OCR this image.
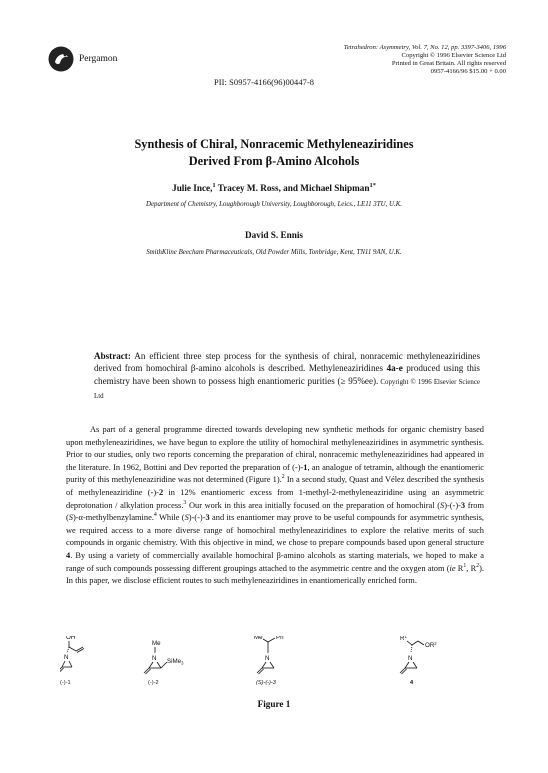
Pergamon
Tetrahedron: Asymmetry, Vol. 7, No. 12, pp. 3397-3406, 1996
Copyright © 1996 Elsevier Science Ltd
Printed in Great Britain. All rights reserved
0957-4166/96 $15.00 + 0.00
PII: S0957-4166(96)00447-8
Synthesis of Chiral, Nonracemic Methyleneaziridines
Derived From β-Amino Alcohols
Julie Ince,$^1$ Tracey M. Ross, and Michael Shipman$^{1*}$
Department of Chemistry, Loughborough University, Loughborough, Leics., LE11 3TU, U.K.
David S. Ennis
SmithKline Beecham Pharmaceuticals, Old Powder Mills, Tonbridge, Kent, TN11 9AN, U.K.
Abstract: An efficient three step process for the synthesis of chiral, nonracemic methyleneaziridines derived from homochiral β-amino alcohols is described. Methyleneaziridines 4a-e produced using this chemistry have been shown to possess high enantiomeric purities (≥ 95%ee). Copyright © 1996 Elsevier Science Ltd
As part of a general programme directed towards developing new synthetic methods for organic chemistry based upon methyleneaziridines, we have begun to explore the utility of homochiral methyleneaziridines in asymmetric synthesis. Prior to our studies, only two reports concerning the preparation of chiral, nonracemic methyleneaziridines had appeared in the literature. In 1962, Bottini and Dev reported the preparation of (-)-1, an analogue of tetramin, although the enantiomeric purity of this methyleneaziridine was not determined (Figure 1).$^2$ In a second study, Quast and Vélez described the synthesis of methyleneaziridine (-)-2 in 12% enantiomeric excess from 1-methyl-2-methyleneaziridine using an asymmetric deprotonation / alkylation process.$^3$ Our work in this area initially focused on the preparation of homochiral (S)-(-)-3 from (S)-α-methylbenzylamine.$^4$ While (S)-(-)-3 and its enantiomer may prove to be useful compounds for asymmetric synthesis, we required access to a more diverse range of homochiral methyleneaziridines to explore the relative merits of such compounds in organic chemistry. With this objective in mind, we chose to prepare compounds based upon general structure 4. By using a variety of commercially available homochiral β-amino alcohols as starting materials, we hoped to make a range of such compounds possessing different groupings attached to the asymmetric centre and the oxygen atom (ie $R^1$, $R^2$). In this paper, we disclose efficient routes to such methyleneaziridines in enantiomerically enriched form.
OH
N
(-)-1
Me
N SiMe$_3$
(-)-2
Me Ph
N
(S)-(-)-3
$R^1$
$OR^2$
N
4
Figure 1
